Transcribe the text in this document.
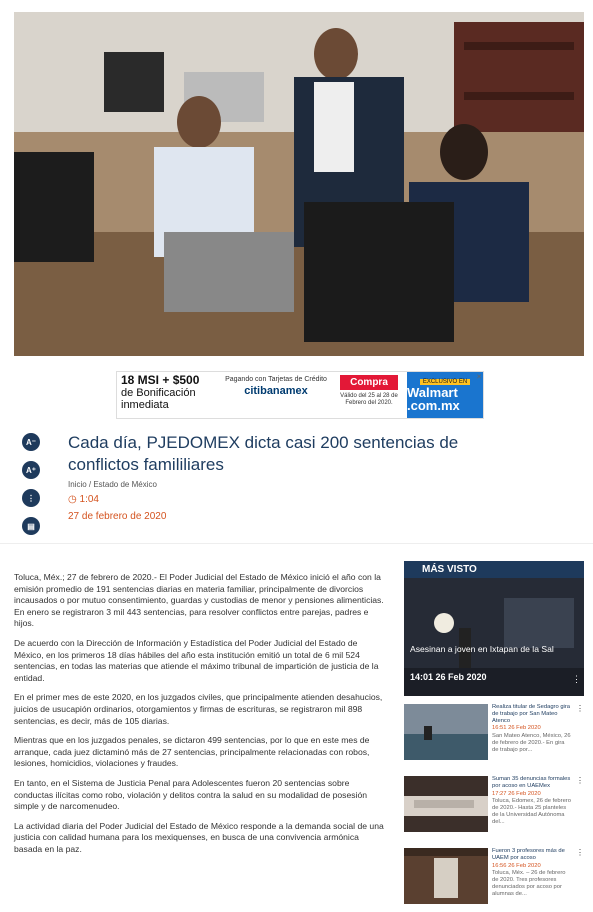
18 MSI + $500
de Bonificación inmediata
Pagando con Tarjetas de Crédito
citibanamex
Compra
Válido del 25 al 28 de Febrero del 2020.
EXCLUSIVO EN
Walmart .com.mx
✕
A⁻
A⁺
⋮
▤
Cada día, PJEDOMEX dicta casi 200 sentencias de conflictos famililiares
Inicio / Estado de México
◷ 1:04
27 de febrero de 2020

Toluca, Méx.; 27 de febrero de 2020.- El Poder Judicial del Estado de México inició el año con la emisión promedio de 191 sentencias diarias en materia familiar, principalmente de divorcios incausados o por mutuo consentimiento, guardas y custodias de menor y pensiones alimenticias. En enero se registraron 3 mil 443 sentencias, para resolver conflictos entre parejas, padres e hijos.

De acuerdo con la Dirección de Información y Estadística del Poder Judicial del Estado de México, en los primeros 18 días hábiles del año esta institución emitió un total de 6 mil 524 sentencias, en todas las materias que atiende el máximo tribunal de impartición de justicia de la entidad.

En el primer mes de este 2020, en los juzgados civiles, que principalmente atienden desahucios, juicios de usucapión ordinarios, otorgamientos y firmas de escrituras, se registraron mil 898 sentencias, es decir, más de 105 diarias.

Mientras que en los juzgados penales, se dictaron 499 sentencias, por lo que en este mes de arranque, cada juez dictaminó más de 27 sentencias, principalmente relacionadas con robos, lesiones, homicidios, violaciones y fraudes.

En tanto, en el Sistema de Justicia Penal para Adolescentes fueron 20 sentencias sobre conductas ilícitas como robo, violación y delitos contra la salud en su modalidad de posesión simple y de narcomenudeo.

La actividad diaria del Poder Judicial del Estado de México responde a la demanda social de una justicia con calidad humana para los mexiquenses, en busca de una convivencia armónica basada en la paz.

MÁS VISTO
Asesinan a joven en Ixtapan de la Sal
14:01 26 Feb 2020	⋮
Realiza titular de Sedagro gira de trabajo por San Mateo Atenco
16:51 26 Feb 2020
San Mateo Atenco, México, 26 de febrero de 2020.- En gira de trabajo por...
⋮
Suman 35 denuncias formales por acoso en UAEMex
17:27 26 Feb 2020
Toluca, Edomex, 26 de febrero de 2020.- Hasta 25 planteles de la Universidad Autónoma del...
⋮
Fueron 3 profesores más de UAEM por acoso
16:56 26 Feb 2020
Toluca, Méx. – 26 de febrero de 2020. Tres profesores denunciados por acoso por alumnas de...
⋮
